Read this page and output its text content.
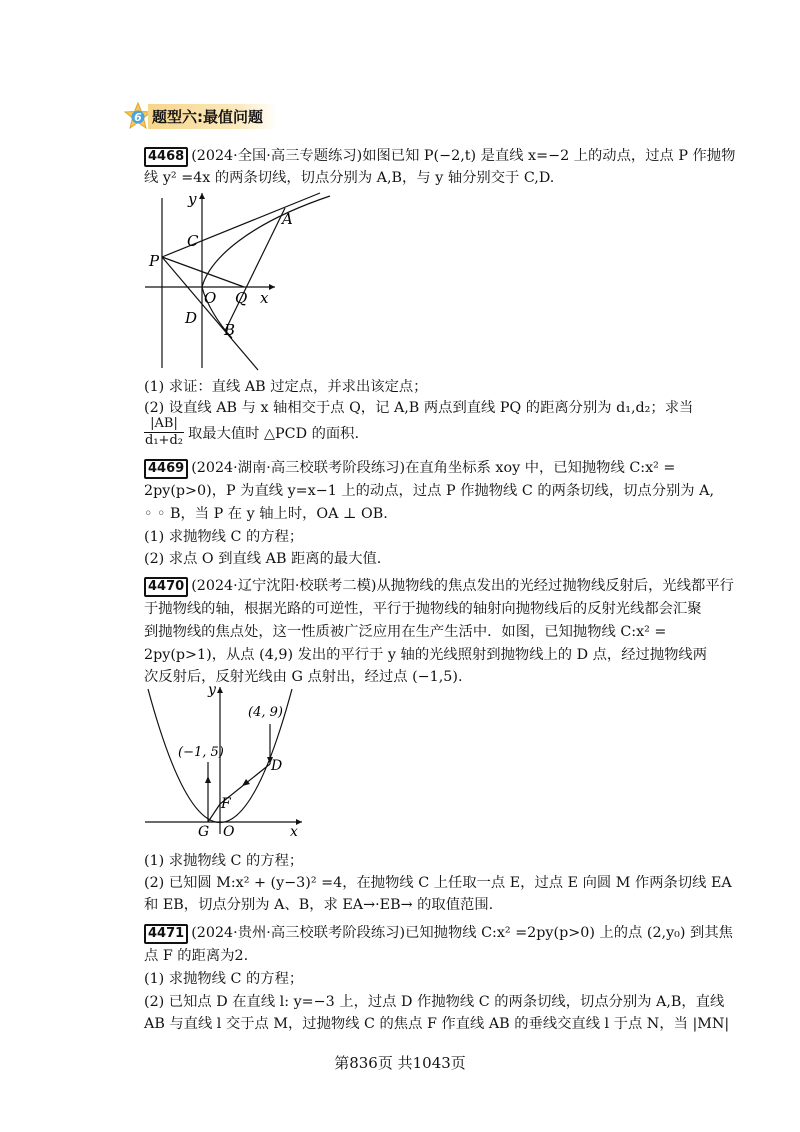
6 题型六:最值问题
4468 (2024·全国·高三专题练习)如图已知 P(−2,t) 是直线 x=−2 上的动点，过点 P 作抛物
线 y² =4x 的两条切线，切点分别为 A,B，与 y 轴分别交于 C,D.
y
x
P
C
A
O Q
D
B
(1) 求证：直线 AB 过定点，并求出该定点；
(2) 设直线 AB 与 x 轴相交于点 Q，记 A,B 两点到直线 PQ 的距离分别为 d₁,d₂；求当
$\frac{|AB|}{\text{d₁+d₂}}$ 取最大值时 △PCD 的面积.
4469 (2024·湖南·高三校联考阶段练习)在直角坐标系 xoy 中，已知抛物线 C:x² =
2py(p>0)，P 为直线 y=x−1 上的动点，过点 P 作抛物线 C 的两条切线，切点分别为 A,
◦ ◦ B，当 P 在 y 轴上时，OA ⊥ OB.
(1) 求抛物线 C 的方程；
(2) 求点 O 到直线 AB 距离的最大值.
4470 (2024·辽宁沈阳·校联考二模)从抛物线的焦点发出的光经过抛物线反射后，光线都平行
于抛物线的轴，根据光路的可逆性，平行于抛物线的轴射向抛物线后的反射光线都会汇聚
到抛物线的焦点处，这一性质被广泛应用在生产生活中．如图，已知抛物线 C:x² =
2py(p>1)，从点 (4,9) 发出的平行于 y 轴的光线照射到抛物线上的 D 点，经过抛物线两
次反射后，反射光线由 G 点射出，经过点 (−1,5).
y
x
(4, 9)
(−1, 5)
D
F
G O
(1) 求抛物线 C 的方程；
(2) 已知圆 M:x² + (y−3)² =4，在抛物线 C 上任取一点 E，过点 E 向圆 M 作两条切线 EA
和 EB，切点分别为 A、B，求 EA→·EB→ 的取值范围.
4471 (2024·贵州·高三校联考阶段练习)已知抛物线 C:x² =2py(p>0) 上的点 (2,y₀) 到其焦
点 F 的距离为2.
(1) 求抛物线 C 的方程；
(2) 已知点 D 在直线 l: y=−3 上，过点 D 作抛物线 C 的两条切线，切点分别为 A,B，直线
AB 与直线 l 交于点 M，过抛物线 C 的焦点 F 作直线 AB 的垂线交直线 l 于点 N，当 |MN|
第836页 共1043页
